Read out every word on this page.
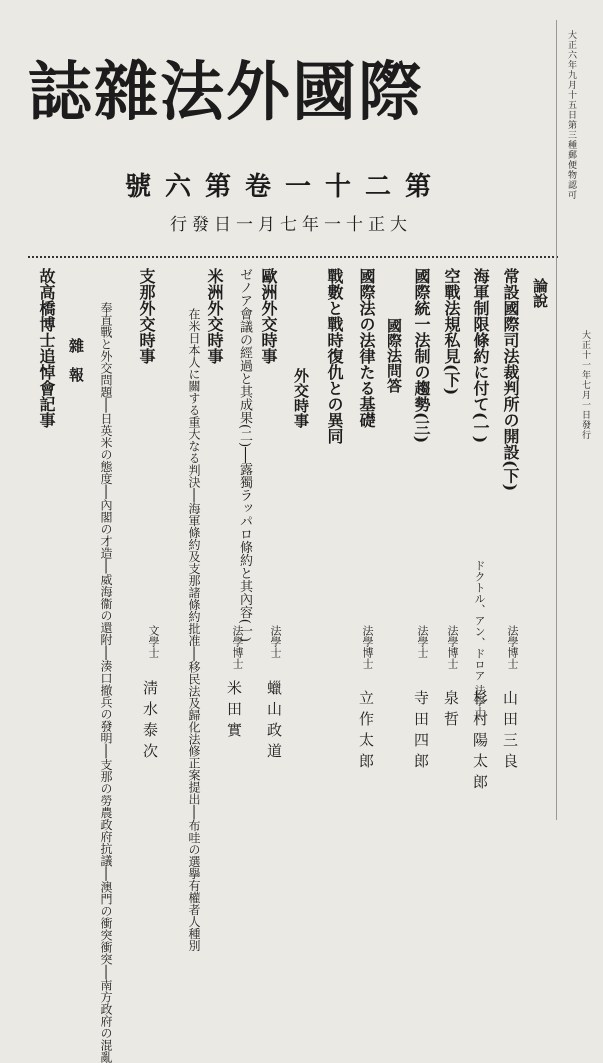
誌雜法外國際
號六第卷一十二第
行發日一月七年一十正大
大正六年九月十五日第三種郵便物認可
大正十一年七月一日發行
論說
常設國際司法裁判所の開設(下)
法學博士
山田三良
海軍制限條約に付て(一)
ドクトル、アン、ドロア 法學士
杉村陽太郎
空戰法規私見(下)
法學博士
泉哲
國際統一法制の趨勢(三)
法學士
寺田四郎
國際法問答
國際法の法律たる基礎
法學博士
立作太郎
戰數と戰時復仇との異同
外交時事
歐洲外交時事
ゼノア會議の經過と其成果(二)──露獨ラッパロ條約と其內容(一) 法學士
蠟山政道
米洲外交時事
在米日本人に關する重大なる判決──海軍條約及支那諸條約批准──移民法及歸化法修正案提出──布哇の選擧有權者人種別	法學博士
米田實
支那外交時事
奉直戰と外交問題──日英米の態度──內閣の才造──威海衞の還附──湊口撤兵の發明──支那の勞農政府抗議──澳門の衝突衝突──南方政府の混亂	文學士
淸水泰次
雜報
故高橋博士追悼會記事
